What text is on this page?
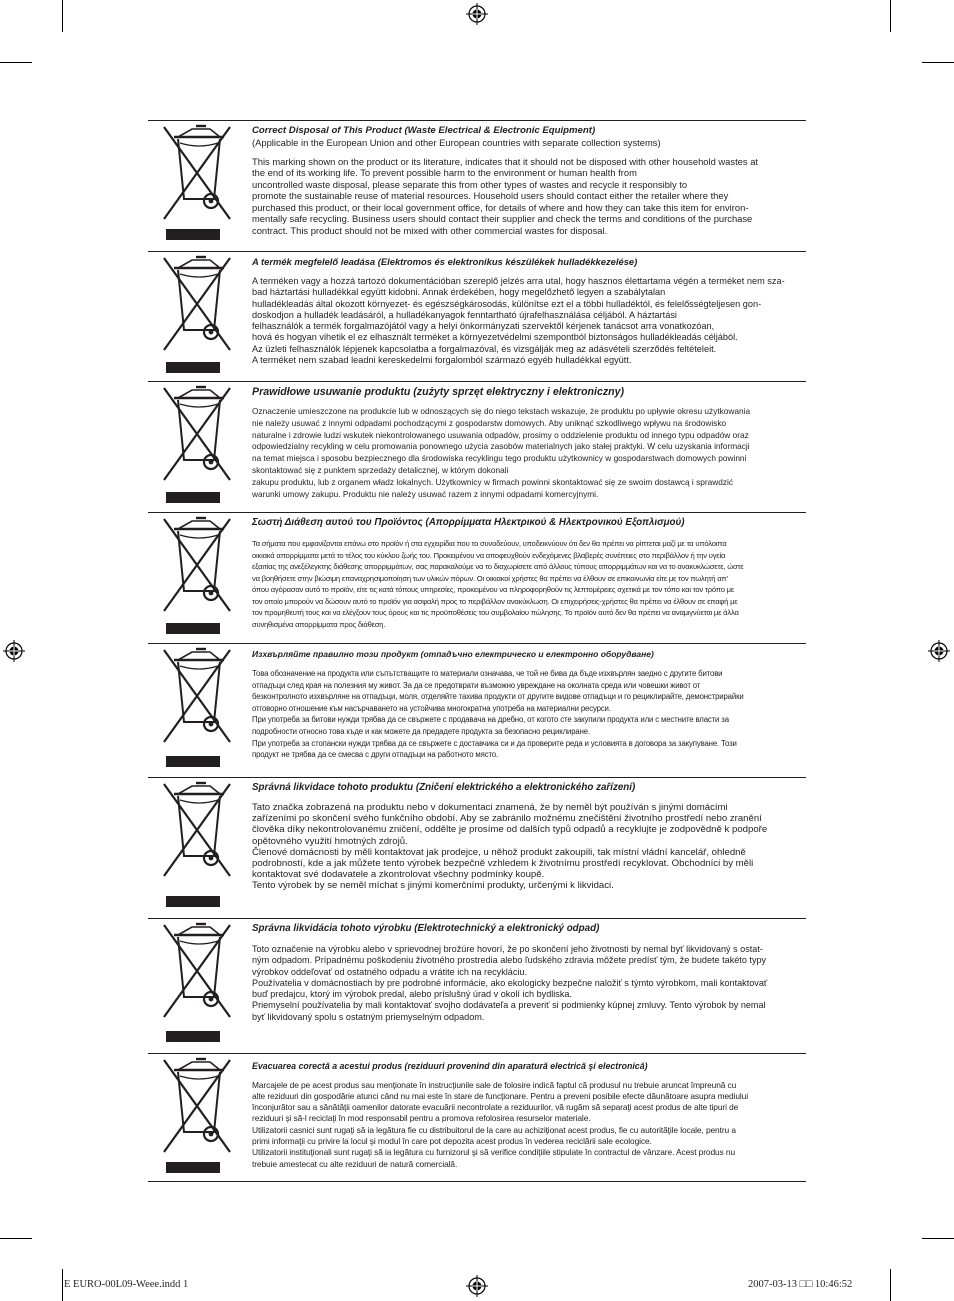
Correct Disposal of This Product (Waste Electrical & Electronic Equipment)

(Applicable in the European Union and other European countries with separate collection systems)

This marking shown on the product or its literature, indicates that it should not be disposed with other household wastes at
the end of its working life. To prevent possible harm to the environment or human health from
uncontrolled waste disposal, please separate this from other types of wastes and recycle it responsibly to
promote the sustainable reuse of material resources. Household users should contact either the retailer where they
purchased this product, or their local government office, for details of where and how they can take this item for environ-
mentally safe recycling. Business users should contact their supplier and check the terms and conditions of the purchase
contract. This product should not be mixed with other commercial wastes for disposal.

A termék megfelelő leadása (Elektromos és elektronikus készülékek hulladékkezelése)

A terméken vagy a hozzá tartozó dokumentációban szereplő jelzés arra utal, hogy hasznos élettartama végén a terméket nem sza-
bad háztartási hulladékkal együtt kidobni. Annak érdekében, hogy megelőzhető legyen a szabálytalan
hulladékleadás által okozott környezet- és egészségkárosodás, különítse ezt el a többi hulladéktól, és felelősségteljesen gon-
doskodjon a hulladék leadásáról, a hulladékanyagok fenntartható újrafelhasználása céljából. A háztartási
felhasználók a termék forgalmazójától vagy a helyi önkormányzati szervektől kérjenek tanácsot arra vonatkozóan,
hová és hogyan vihetik el ez elhasznált terméket a környezetvédelmi szempontból biztonságos hulladékleadás céljából.
Az üzleti felhasználók lépjenek kapcsolatba a forgalmazóval, és vizsgálják meg az adásvételi szerződés feltételeit.
A terméket nem szabad leadni kereskedelmi forgalomból származó egyéb hulladékkal együtt.

Prawidłowe usuwanie produktu (zużyty sprzęt elektryczny i elektroniczny)

Oznaczenie umieszczone na produkcie lub w odnoszących się do niego tekstach wskazuje, że produktu po upływie okresu użytkowania
nie należy usuwać z innymi odpadami pochodzącymi z gospodarstw domowych. Aby uniknąć szkodliwego wpływu na środowisko
naturalne i zdrowie ludzi wskutek niekontrolowanego usuwania odpadów, prosimy o oddzielenie produktu od innego typu odpadów oraz
odpowiedzialny recykling w celu promowania ponownego użycia zasobów materialnych jako stałej praktyki. W celu uzyskania informacji
na temat miejsca i sposobu bezpiecznego dla środowiska recyklingu tego produktu użytkownicy w gospodarstwach domowych powinni
skontaktować się z punktem sprzedaży detalicznej, w którym dokonali
zakupu produktu, lub z organem władz lokalnych. Użytkownicy w firmach powinni skontaktować się ze swoim dostawcą i sprawdzić
warunki umowy zakupu. Produktu nie należy usuwać razem z innymi odpadami komercyjnymi.

Σωστή Διάθεση αυτού του Προϊόντος (Απορρίμματα Ηλεκτρικού & Ηλεκτρονικού Εξοπλισμού)

Τα σήματα που εμφανίζονται επάνω στο προϊόν ή στα εγχειρίδια που το συνοδεύουν, υποδεικνύουν ότι δεν θα πρέπει να ρίπτεται μαζί με τα υπόλοιπα
οικιακά απορρίμματα μετά το τέλος του κύκλου ζωής του. Προκειμένου να αποφευχθούν ενδεχόμενες βλαβερές συνέπειες στο περιβάλλον ή την υγεία
εξαιτίας της ανεξέλεγκτης διάθεσης απορριμμάτων, σας παρακαλούμε να το διαχωρίσετε από άλλους τύπους απορριμμάτων και να το ανακυκλώσετε, ώστε
να βοηθήσετε στην βιώσιμη επαναχρησιμοποίηση των υλικών πόρων. Οι οικιακοί χρήστες θα πρέπει να έλθουν σε επικοινωνία είτε με τον πωλητή απ'
όπου αγόρασαν αυτό το προϊόν, είτε τις κατά τόπους υπηρεσίες, προκειμένου να πληροφορηθούν τις λεπτομέρειες σχετικά με τον τόπο και τον τρόπο με
τον οποίο μπορούν να δώσουν αυτό το προϊόν για ασφαλή προς το περιβάλλον ανακύκλωση. Οι επιχειρήσεις-χρήστες θα πρέπει να έλθουν σε επαφή με
τον προμηθευτή τους και να ελέγξουν τους όρους και τις προϋποθέσεις του συμβολαίου πώλησης. Το προϊόν αυτό δεν θα πρέπει να αναμιγνύεται με άλλα
συνηθισμένα απορρίμματα προς διάθεση.

Изхвърляйте правилно този продукт (отпадъчно електрическо и електронно оборудване)

Това обозначение на продукта или съпътстващите го материали означава, че той не бива да бъде изхвърлян заедно с другите битови
отпадъци след края на полезния му живот. За да се предотврати възможно увреждане на околната среда или човешки живот от
безконтролното изхвърляне на отпадъци, моля, отделяйте тахива продукти от другите видове отпадъци и го рециклирайте, демонстрирайки
отговорно отношение към насърчаването на устойчива многократна употреба на материални ресурси.
При употреба за битови нужди трябва да се свържете с продавача на дребно, от когото сте закупили продукта или с местните власти за
подробности относно това къде и как можете да предадете продукта за безопасно рециклиране.
При употреба за стопански нужди трябва да се свържете с доставчика си и да проверите реда и условията в договора за закупуване. Този
продукт не трябва да се смесва с други отпадъци на работното място.

Správná likvidace tohoto produktu (Zničení elektrického a elektronického zařízení)

Tato značka zobrazená na produktu nebo v dokumentaci znamená, že by neměl být používán s jinými domácími
zařízeními po skončení svého funkčního období. Aby se zabránilo možnému znečištění životního prostředí nebo zranění
člověka díky nekontrolovanému zničení, oddělte je prosíme od dalších typů odpadů a recyklujte je zodpovědně k podpoře
opětovného využití hmotných zdrojů.
Členové domácnosti by měli kontaktovat jak prodejce, u něhož produkt zakoupili, tak místní vládní kancelář, ohledně
podrobností, kde a jak můžete tento výrobek bezpečně vzhledem k životnímu prostředí recyklovat. Obchodníci by měli
kontaktovat své dodavatele a zkontrolovat všechny podmínky koupě.
Tento výrobek by se neměl míchat s jinými komerčními produkty, určenými k likvidaci.

Správna likvidácia tohoto výrobku (Elektrotechnický a elektronický odpad)

Toto označenie na výrobku alebo v sprievodnej brožúre hovorí, že po skončení jeho životnosti by nemal byť likvidovaný s ostat-
ným odpadom. Prípadnému poškodeniu životného prostredia alebo ľudského zdravia môžete predísť tým, že budete takéto typy
výrobkov oddeľovať od ostatného odpadu a vrátite ich na recykláciu.
Používatelia v domácnostiach by pre podrobné informácie, ako ekologicky bezpečne naložiť s týmto výrobkom, mali kontaktovať
buď predajcu, ktorý im výrobok predal, alebo príslušný úrad v okolí ich bydliska.
Priemyselní používatelia by mali kontaktovať svojho dodávateľa a preveriť si podmienky kúpnej zmluvy. Tento výrobok by nemal
byť likvidovaný spolu s ostatným priemyselným odpadom.

Evacuarea corectă a acestui produs (reziduuri provenind din aparatură electrică şi electronică)

Marcajele de pe acest produs sau menţionate în instrucţiunile sale de folosire indică faptul că produsul nu trebuie aruncat împreună cu
alte reziduuri din gospodărie atunci când nu mai este în stare de funcţionare. Pentru a preveni posibile efecte dăunătoare asupra mediului
înconjurător sau a sănătăţii oamenilor datorate evacuării necontrolate a reziduurilor, vă rugăm să separaţi acest produs de alte tipuri de
reziduuri şi să-l reciclaţi în mod responsabil pentru a promova refolosirea resurselor materiale.
Utilizatorii casnici sunt rugaţi să ia legătura fie cu distribuitorul de la care au achiziţionat acest produs, fie cu autorităţile locale, pentru a
primi informaţii cu privire la locul şi modul în care pot depozita acest produs în vederea reciclării sale ecologice.
Utilizatorii instituţionali sunt rugaţi să ia legătura cu furnizorul şi să verifice condiţiile stipulate în contractul de vânzare. Acest produs nu
trebuie amestecat cu alte reziduuri de natură comercială.

E EURO-00L09-Weee.indd 1	2007-03-13 □□ 10:46:52
